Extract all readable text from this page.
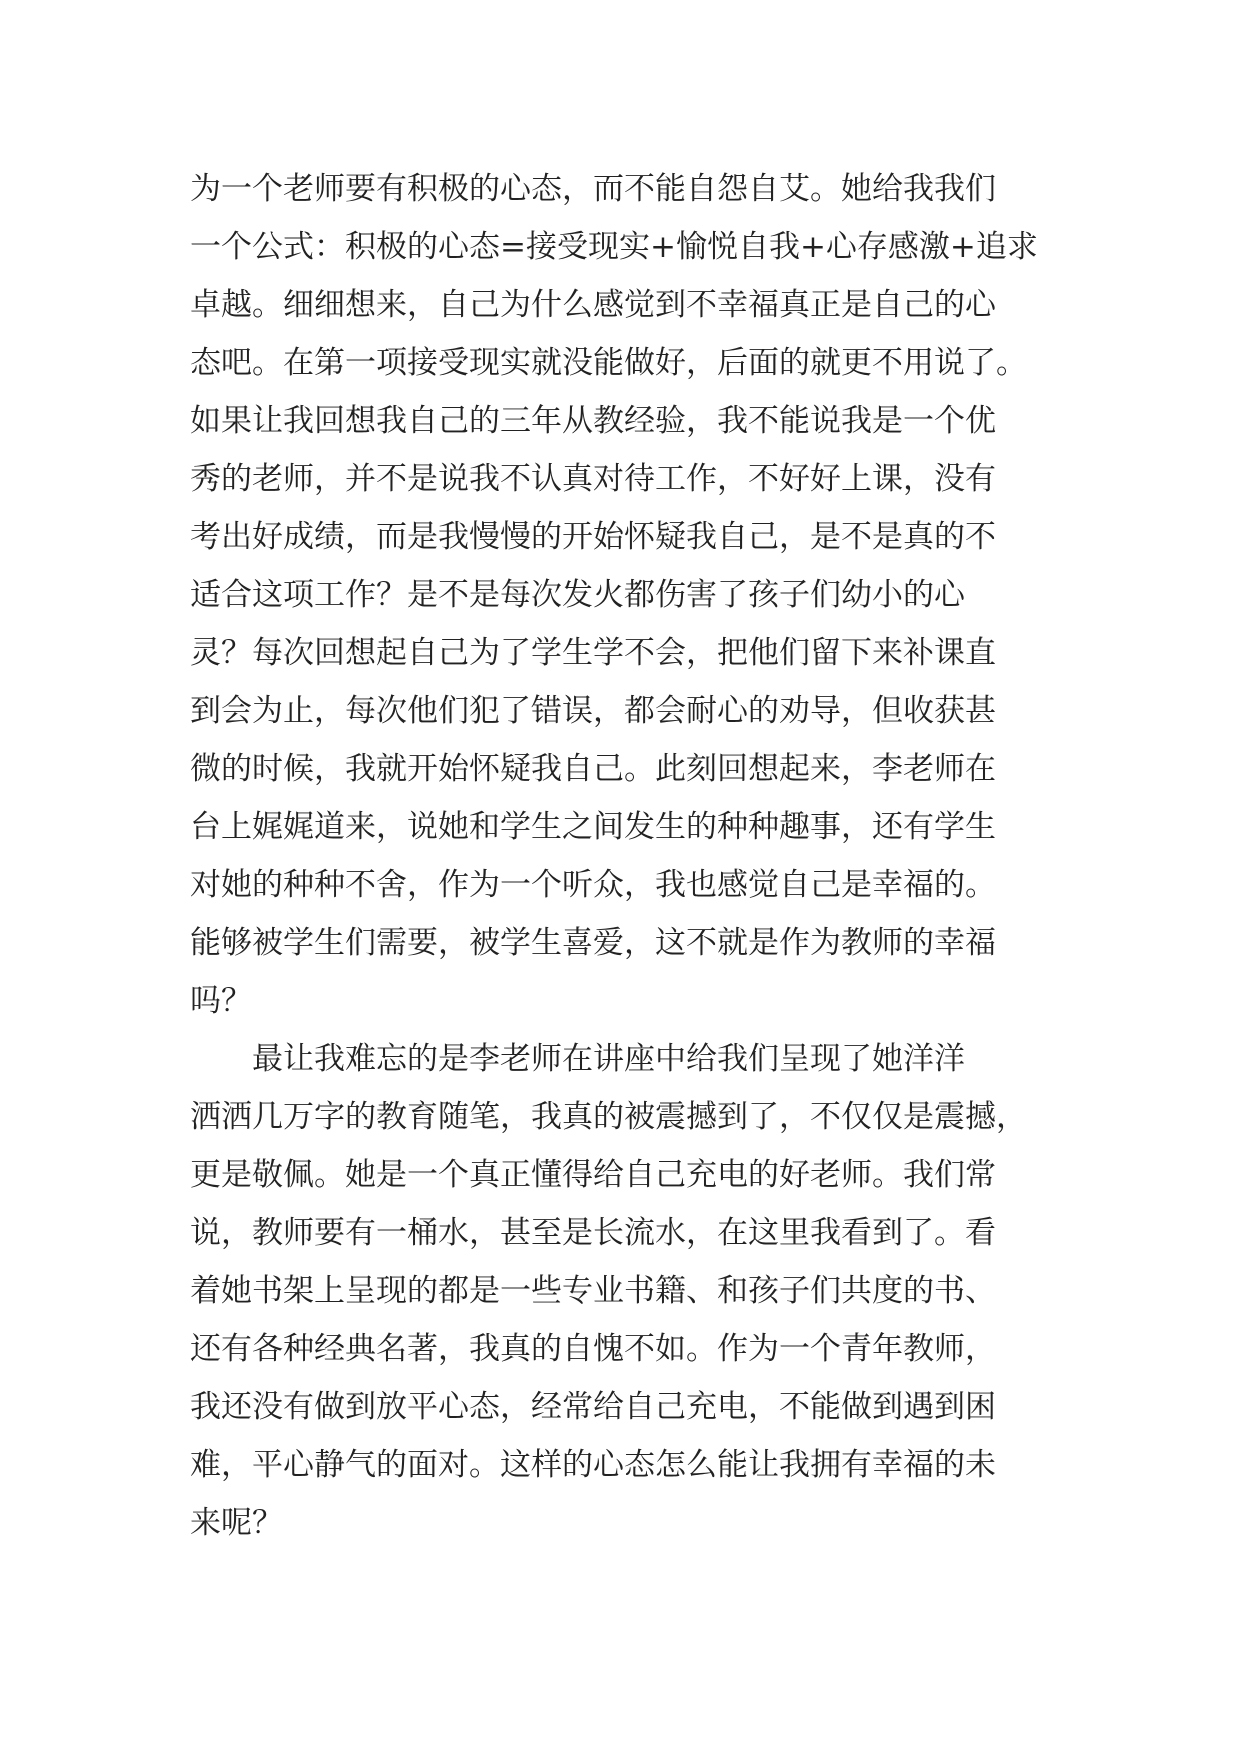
为一个老师要有积极的心态，而不能自怨自艾。她给我我们
一个公式：积极的心态=接受现实+愉悦自我+心存感激+追求
卓越。细细想来，自己为什么感觉到不幸福真正是自己的心
态吧。在第一项接受现实就没能做好，后面的就更不用说了。
如果让我回想我自己的三年从教经验，我不能说我是一个优
秀的老师，并不是说我不认真对待工作，不好好上课，没有
考出好成绩，而是我慢慢的开始怀疑我自己，是不是真的不
适合这项工作？是不是每次发火都伤害了孩子们幼小的心
灵？每次回想起自己为了学生学不会，把他们留下来补课直
到会为止，每次他们犯了错误，都会耐心的劝导，但收获甚
微的时候，我就开始怀疑我自己。此刻回想起来，李老师在
台上娓娓道来，说她和学生之间发生的种种趣事，还有学生
对她的种种不舍，作为一个听众，我也感觉自己是幸福的。
能够被学生们需要，被学生喜爱，这不就是作为教师的幸福
吗？
　　最让我难忘的是李老师在讲座中给我们呈现了她洋洋
洒洒几万字的教育随笔，我真的被震撼到了，不仅仅是震撼，
更是敬佩。她是一个真正懂得给自己充电的好老师。我们常
说，教师要有一桶水，甚至是长流水，在这里我看到了。看
着她书架上呈现的都是一些专业书籍、和孩子们共度的书、
还有各种经典名著，我真的自愧不如。作为一个青年教师，
我还没有做到放平心态，经常给自己充电，不能做到遇到困
难，平心静气的面对。这样的心态怎么能让我拥有幸福的未
来呢？
